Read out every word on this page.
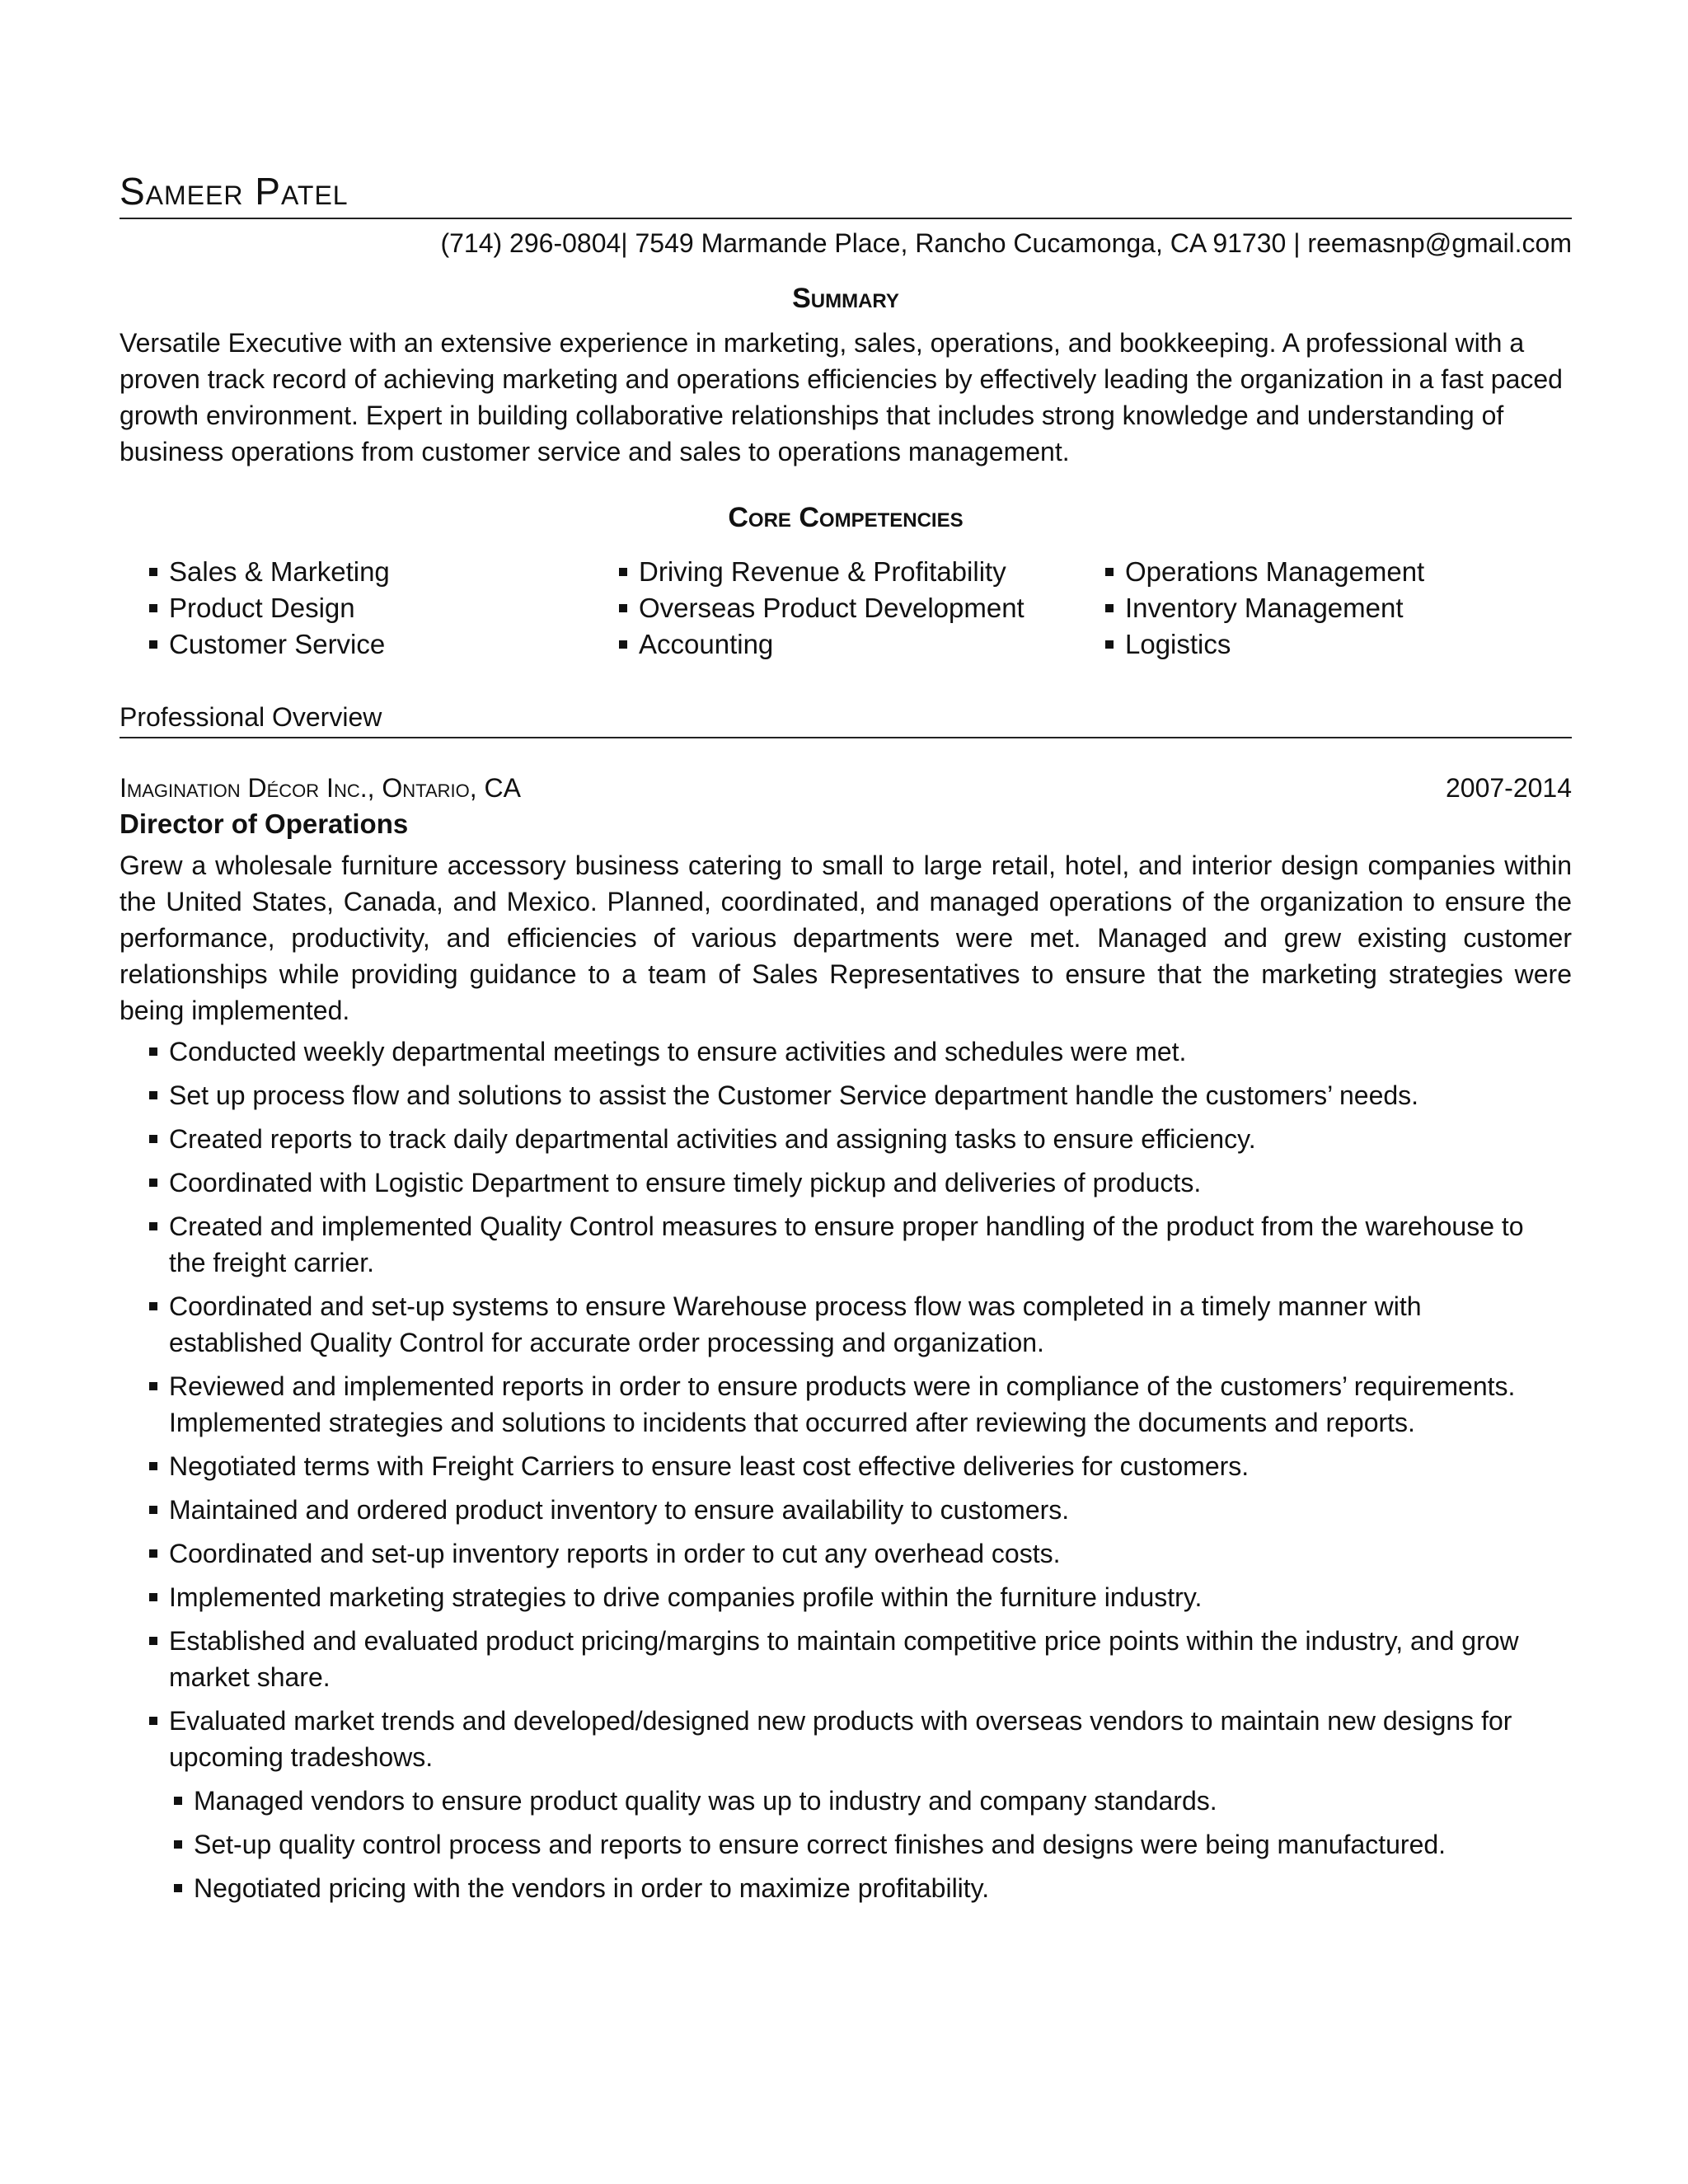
Sameer Patel
(714) 296-0804| 7549 Marmande Place, Rancho Cucamonga, CA 91730 | reemasnp@gmail.com
Summary
Versatile Executive with an extensive experience in marketing, sales, operations, and bookkeeping. A professional with a proven track record of achieving marketing and operations efficiencies by effectively leading the organization in a fast paced growth environment. Expert in building collaborative relationships that includes strong knowledge and understanding of business operations from customer service and sales to operations management.
Core Competencies
Sales & Marketing
Product Design
Customer Service
Driving Revenue & Profitability
Overseas Product Development
Accounting
Operations Management
Inventory Management
Logistics
Professional Overview
Imagination Décor Inc., Ontario, CA	2007-2014
Director of Operations
Grew a wholesale furniture accessory business catering to small to large retail, hotel, and interior design companies within the United States, Canada, and Mexico. Planned, coordinated, and managed operations of the organization to ensure the performance, productivity, and efficiencies of various departments were met. Managed and grew existing customer relationships while providing guidance to a team of Sales Representatives to ensure that the marketing strategies were being implemented.
Conducted weekly departmental meetings to ensure activities and schedules were met.
Set up process flow and solutions to assist the Customer Service department handle the customers’ needs.
Created reports to track daily departmental activities and assigning tasks to ensure efficiency.
Coordinated with Logistic Department to ensure timely pickup and deliveries of products.
Created and implemented Quality Control measures to ensure proper handling of the product from the warehouse to the freight carrier.
Coordinated and set-up systems to ensure Warehouse process flow was completed in a timely manner with established Quality Control for accurate order processing and organization.
Reviewed and implemented reports in order to ensure products were in compliance of the customers’ requirements. Implemented strategies and solutions to incidents that occurred after reviewing the documents and reports.
Negotiated terms with Freight Carriers to ensure least cost effective deliveries for customers.
Maintained and ordered product inventory to ensure availability to customers.
Coordinated and set-up inventory reports in order to cut any overhead costs.
Implemented marketing strategies to drive companies profile within the furniture industry.
Established and evaluated product pricing/margins to maintain competitive price points within the industry, and grow market share.
Evaluated market trends and developed/designed new products with overseas vendors to maintain new designs for upcoming tradeshows.
Managed vendors to ensure product quality was up to industry and company standards.
Set-up quality control process and reports to ensure correct finishes and designs were being manufactured.
Negotiated pricing with the vendors in order to maximize profitability.
